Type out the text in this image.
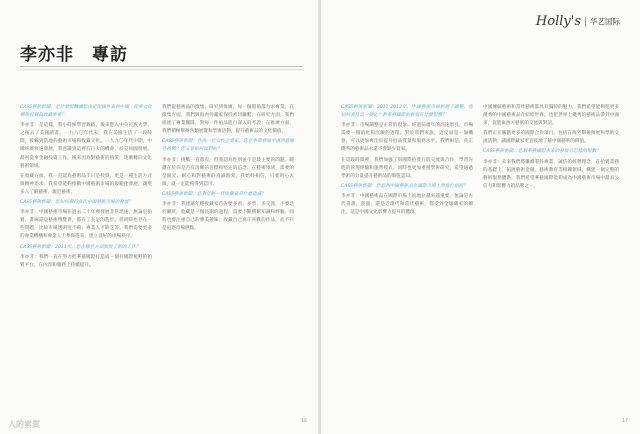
李亦非　專訪

CASS藝術新聞：是什麼契機讓您決定從國外來到中國，從事文化藝術投資與收藏事業？

李亦非：是這樣，我小時候學習舞蹈，後來進入中央民族大學，之後去了美國讀書。一九八〇年代末，我在美國生活了一段時間，接觸到當地的藝術市場和收藏文化。一九九〇年代中期，中國經濟快速發展，我意識到這裡有巨大的機會，於是回國發展。最初從事金融投資工作，後來因為對藝術的熱愛，逐漸轉向文化藝術領域。

在收藏方面，我一直認為藝術品不只是投資，更是一種生活方式與精神追求。我希望能夠推動中國藝術市場的規範化發展，讓更多人了解藝術、親近藝術。

CASS藝術新聞：您如何看待當代中國藝術市場的發展？

李亦非：中國藝術市場在過去二十年裡發展非常迅速，無論是拍賣、畫廊還是藝術博覽會，都有了長足的進步。但同時也存在一些問題，比如市場透明度不夠、專業人才缺乏等。我們需要更多的專業機構和專業人士參與進來，建立良好的市場秩序。

CASS藝術新聞：2011年，您在哪些方面開展了新的工作？

李亦非：我們一直在努力把華藝國際打造成一個有國際視野的拍賣平台，在內容和服務上持續提升。

我們從藝術品的徵集、研究到推廣，每一個環節都力求專業。在徵集方面，我們與海內外藏家保持密切聯繫；在研究方面，我們組建了專業團隊，對每一件拍品進行深入的考證；在推廣方面，我們積極舉辦各類展覽和學術活動，提升藝術品的文化價值。

CASS藝術新聞：作為一位女性企業家，您在事業發展中遇到過哪些挑戰？您又是如何面對的？

李亦非：挑戰一直都有，但我認為性別並不是最主要的問題。關鍵在於你是否有清晰的目標和堅定的信念。在藝術領域，需要的是眼光、耐心和對藝術的真誠熱愛。我始終相信，只要用心去做，就一定能夠得到認可。

CASS藝術新聞：您對年輕一代收藏家有什麼建議？

李亦非：我建議年輕收藏家首先要多看、多學、多交流，不要急於購買。收藏是一個長期的過程，需要不斷積累知識和經驗。同時也要注重自己的審美趣味，收藏自己真正喜歡的作品，而不只是追逐市場熱點。

16
人的素質
Holly's 华艺国际

CASS藝術新聞：2011-2012年，中國藝術市場經歷了調整，您如何看待這一變化？對華藝國際的發展有什麼影響？

李亦非：市場調整是正常的現象。經過前幾年的高速增長，市場需要一個消化和沉澱的過程。對於我們來說，這反而是一個機會，可以更加專注於提升拍品質量和服務水平。我們相信，真正優秀的藝術品永遠不會缺少買家。

在這段時間裡，我們加強了與國際拍賣行的交流與合作，學習先進的管理經驗和運營模式。同時也更加重視學術研究，希望通過學術的力量提升藝術品的價值認知。

CASS藝術新聞：您認為中國藝術品在國際市場上的地位如何？

李亦非：中國藝術品在國際市場上的地位越來越重要。無論是古代書畫、瓷器，還是近現代和當代藝術，都受到全球藏家的關注。這是中國文化影響力提升的體現。

中國傳統藝術和當代藝術都具有獨特的魅力，我們希望能夠把更多優秀的中國藝術品介紹給世界，也把世界上優秀的藝術品帶到中國來，促進東西方藝術的交流與對話。

我們正在籌劃更多的國際合作項目，包括在海外舉辦預展和學術交流活動，讓國際藏家更直接地了解中國藝術的價值。

CASS藝術新聞：您對華藝國際未來的發展有怎樣的規劃？

李亦非：未來我們將繼續秉持專業、誠信的經營理念，在拍賣業務的基礎上，拓展藝術金融、藝術教育等相關領域，構建一個完整的藝術服務體系。我們希望華藝國際能夠成為中國藝術市場中最具公信力和影響力的品牌之一。

17
